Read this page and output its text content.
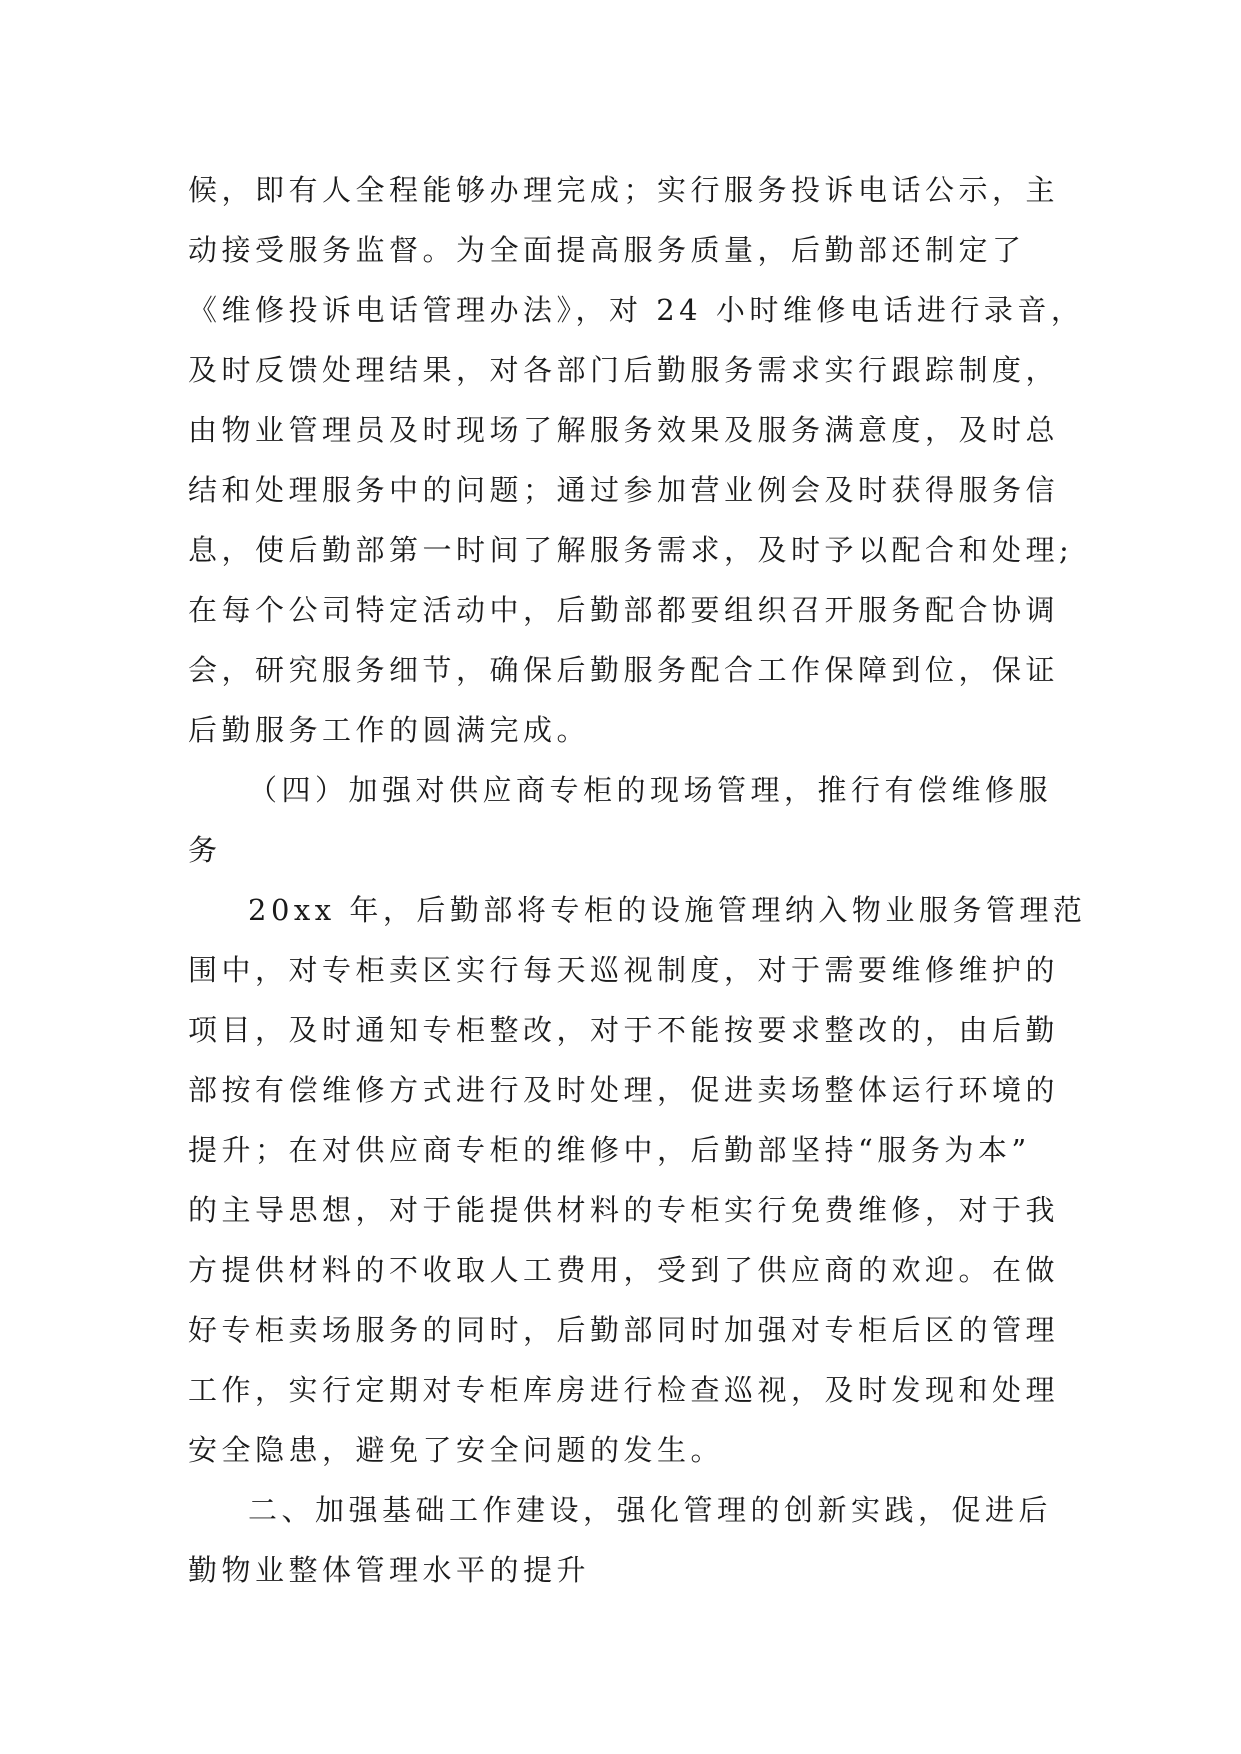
候，即有人全程能够办理完成；实行服务投诉电话公示，主
动接受服务监督。为全面提高服务质量，后勤部还制定了
《维修投诉电话管理办法》，对 24 小时维修电话进行录音，
及时反馈处理结果，对各部门后勤服务需求实行跟踪制度，
由物业管理员及时现场了解服务效果及服务满意度，及时总
结和处理服务中的问题；通过参加营业例会及时获得服务信
息，使后勤部第一时间了解服务需求，及时予以配合和处理;
在每个公司特定活动中，后勤部都要组织召开服务配合协调
会，研究服务细节，确保后勤服务配合工作保障到位，保证
后勤服务工作的圆满完成。
（四）加强对供应商专柜的现场管理，推行有偿维修服
务
20xx 年，后勤部将专柜的设施管理纳入物业服务管理范
围中，对专柜卖区实行每天巡视制度，对于需要维修维护的
项目，及时通知专柜整改，对于不能按要求整改的，由后勤
部按有偿维修方式进行及时处理，促进卖场整体运行环境的
提升；在对供应商专柜的维修中，后勤部坚持“服务为本”
的主导思想，对于能提供材料的专柜实行免费维修，对于我
方提供材料的不收取人工费用，受到了供应商的欢迎。在做
好专柜卖场服务的同时，后勤部同时加强对专柜后区的管理
工作，实行定期对专柜库房进行检查巡视，及时发现和处理
安全隐患，避免了安全问题的发生。
二、加强基础工作建设，强化管理的创新实践，促进后
勤物业整体管理水平的提升
